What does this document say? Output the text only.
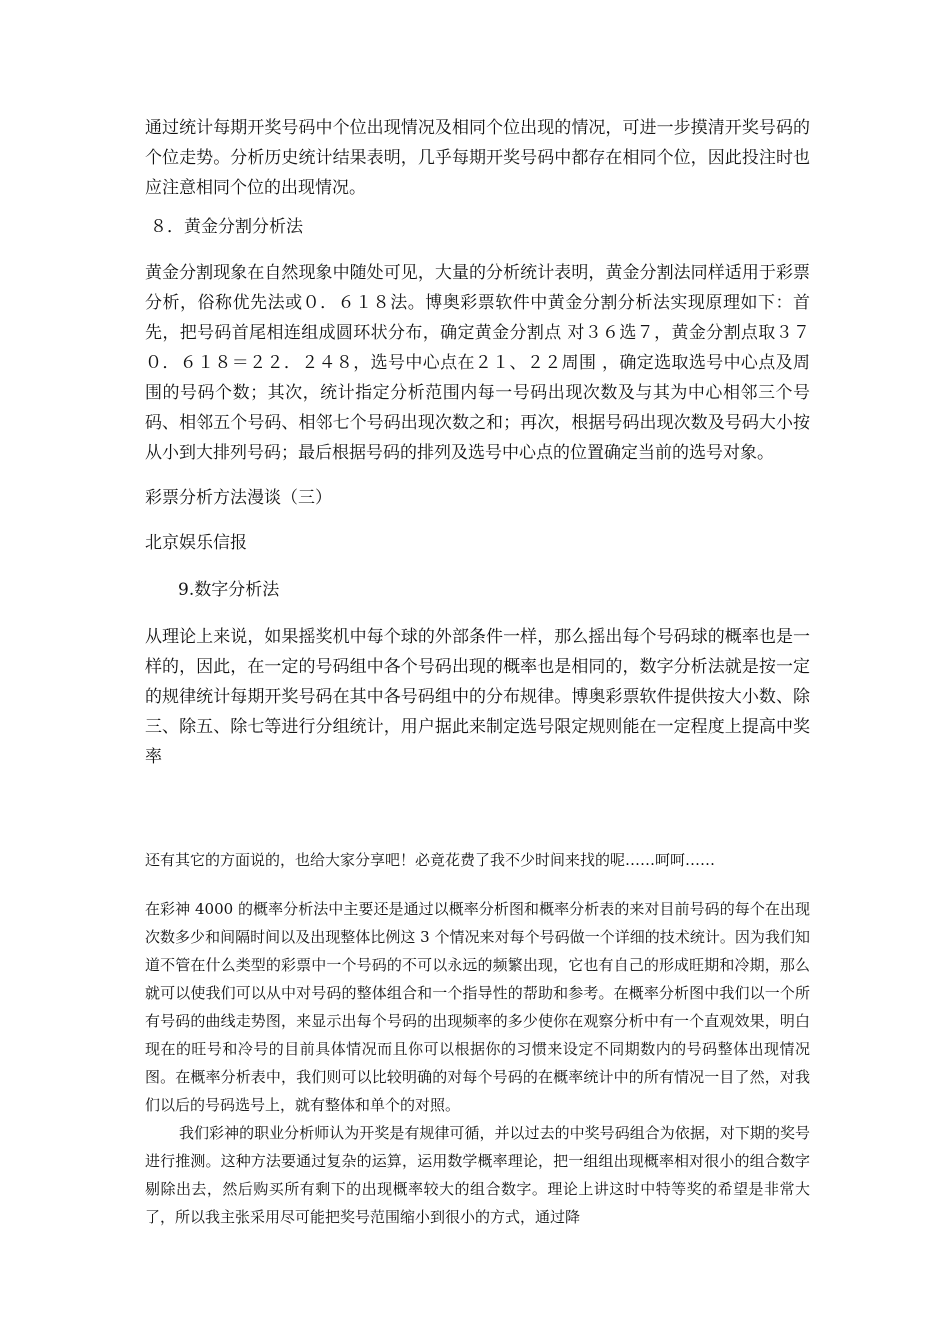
通过统计每期开奖号码中个位出现情况及相同个位出现的情况，可进一步摸清开奖号码的个位走势。分析历史统计结果表明，几乎每期开奖号码中都存在相同个位，因此投注时也应注意相同个位的出现情况。

８．黄金分割分析法

黄金分割现象在自然现象中随处可见，大量的分析统计表明，黄金分割法同样适用于彩票分析，俗称优先法或０．６１８法。博奥彩票软件中黄金分割分析法实现原理如下：首先，把号码首尾相连组成圆环状分布，确定黄金分割点 对３６选７，黄金分割点取３７ ０．６１８＝２２．２４８，选号中心点在２１、２２周围 ，确定选取选号中心点及周围的号码个数；其次，统计指定分析范围内每一号码出现次数及与其为中心相邻三个号码、相邻五个号码、相邻七个号码出现次数之和；再次，根据号码出现次数及号码大小按从小到大排列号码；最后根据号码的排列及选号中心点的位置确定当前的选号对象。

彩票分析方法漫谈（三）

北京娱乐信报

9.数字分析法

从理论上来说，如果摇奖机中每个球的外部条件一样，那么摇出每个号码球的概率也是一样的，因此，在一定的号码组中各个号码出现的概率也是相同的，数字分析法就是按一定的规律统计每期开奖号码在其中各号码组中的分布规律。博奥彩票软件提供按大小数、除三、除五、除七等进行分组统计，用户据此来制定选号限定规则能在一定程度上提高中奖率

还有其它的方面说的，也给大家分享吧！必竟花费了我不少时间来找的呢……呵呵……

在彩神 4000 的概率分析法中主要还是通过以概率分析图和概率分析表的来对目前号码的每个在出现次数多少和间隔时间以及出现整体比例这 3 个情况来对每个号码做一个详细的技术统计。因为我们知道不管在什么类型的彩票中一个号码的不可以永远的频繁出现，它也有自己的形成旺期和冷期，那么就可以使我们可以从中对号码的整体组合和一个指导性的帮助和参考。在概率分析图中我们以一个所有号码的曲线走势图，来显示出每个号码的出现频率的多少使你在观察分析中有一个直观效果，明白现在的旺号和冷号的目前具体情况而且你可以根据你的习惯来设定不同期数内的号码整体出现情况图。在概率分析表中，我们则可以比较明确的对每个号码的在概率统计中的所有情况一目了然，对我们以后的号码选号上，就有整体和单个的对照。

我们彩神的职业分析师认为开奖是有规律可循，并以过去的中奖号码组合为依据，对下期的奖号进行推测。这种方法要通过复杂的运算，运用数学概率理论，把一组组出现概率相对很小的组合数字剔除出去，然后购买所有剩下的出现概率较大的组合数字。理论上讲这时中特等奖的希望是非常大了，所以我主张采用尽可能把奖号范围缩小到很小的方式，通过降
